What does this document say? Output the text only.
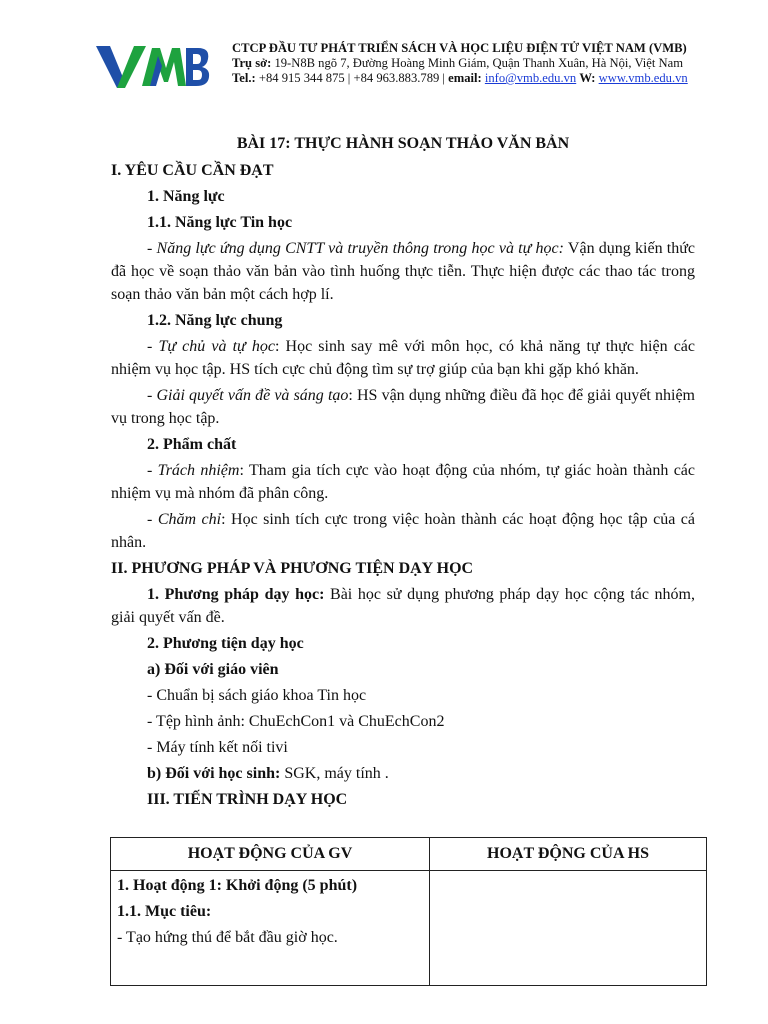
CTCP ĐẦU TƯ PHÁT TRIỂN SÁCH VÀ HỌC LIỆU ĐIỆN TỬ VIỆT NAM (VMB)
Trụ sở: 19-N8B ngõ 7, Đường Hoàng Minh Giám, Quận Thanh Xuân, Hà Nội, Việt Nam
Tel.: +84 915 344 875 | +84 963.883.789 | email: info@vmb.edu.vn W: www.vmb.edu.vn

BÀI 17: THỰC HÀNH SOẠN THẢO VĂN BẢN

I. YÊU CẦU CẦN ĐẠT

1. Năng lực

1.1. Năng lực Tin học

- Năng lực ứng dụng CNTT và truyền thông trong học và tự học: Vận dụng kiến thức đã học về soạn thảo văn bản vào tình huống thực tiễn. Thực hiện được các thao tác trong soạn thảo văn bản một cách hợp lí.

1.2. Năng lực chung

- Tự chủ và tự học: Học sinh say mê với môn học, có khả năng tự thực hiện các nhiệm vụ học tập. HS tích cực chủ động tìm sự trợ giúp của bạn khi gặp khó khăn.

- Giải quyết vấn đề và sáng tạo: HS vận dụng những điều đã học để giải quyết nhiệm vụ trong học tập.

2. Phẩm chất

- Trách nhiệm: Tham gia tích cực vào hoạt động của nhóm, tự giác hoàn thành các nhiệm vụ mà nhóm đã phân công.

- Chăm chỉ: Học sinh tích cực trong việc hoàn thành các hoạt động học tập của cá nhân.

II. PHƯƠNG PHÁP VÀ PHƯƠNG TIỆN DẠY HỌC

1. Phương pháp dạy học: Bài học sử dụng phương pháp dạy học cộng tác nhóm, giải quyết vấn đề.

2. Phương tiện dạy học

a) Đối với giáo viên

- Chuẩn bị sách giáo khoa Tin học

- Tệp hình ảnh: ChuEchCon1 và ChuEchCon2

- Máy tính kết nối tivi

b) Đối với học sinh: SGK, máy tính .

III. TIẾN TRÌNH DẠY HỌC

HOẠT ĐỘNG CỦA GV	HOẠT ĐỘNG CỦA HS

1. Hoạt động 1: Khởi động (5 phút)

1.1. Mục tiêu:

- Tạo hứng thú để bắt đầu giờ học.	
